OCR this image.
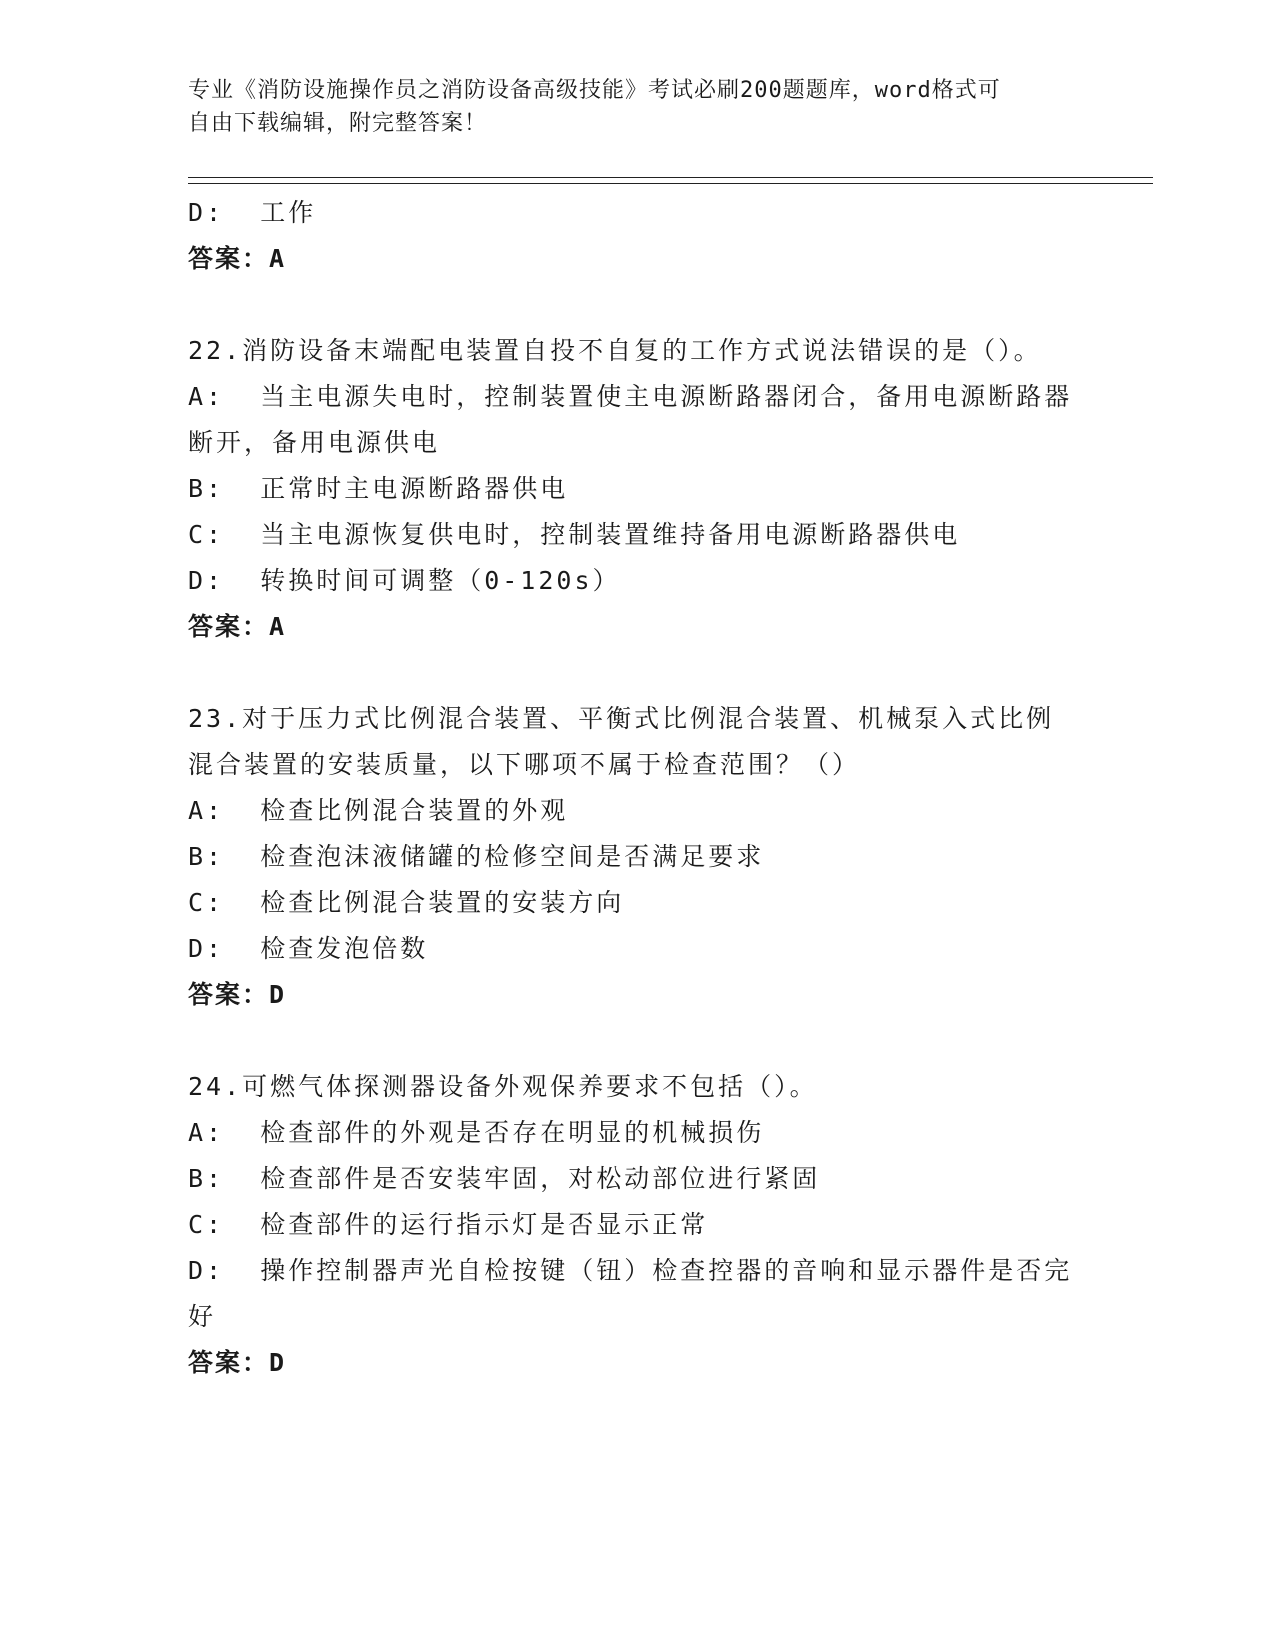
专业《消防设施操作员之消防设备高级技能》考试必刷200题题库，word格式可
自由下载编辑，附完整答案！
D:  工作
答案：A
22.消防设备末端配电装置自投不自复的工作方式说法错误的是（）。
A:  当主电源失电时，控制装置使主电源断路器闭合，备用电源断路器
断开，备用电源供电
B:  正常时主电源断路器供电
C:  当主电源恢复供电时，控制装置维持备用电源断路器供电
D:  转换时间可调整（0-120s）
答案：A
23.对于压力式比例混合装置、平衡式比例混合装置、机械泵入式比例
混合装置的安装质量，以下哪项不属于检查范围？（）
A:  检查比例混合装置的外观
B:  检查泡沫液储罐的检修空间是否满足要求
C:  检查比例混合装置的安装方向
D:  检查发泡倍数
答案：D
24.可燃气体探测器设备外观保养要求不包括（）。
A:  检查部件的外观是否存在明显的机械损伤
B:  检查部件是否安装牢固，对松动部位进行紧固
C:  检查部件的运行指示灯是否显示正常
D:  操作控制器声光自检按键（钮）检查控器的音响和显示器件是否完
好
答案：D
